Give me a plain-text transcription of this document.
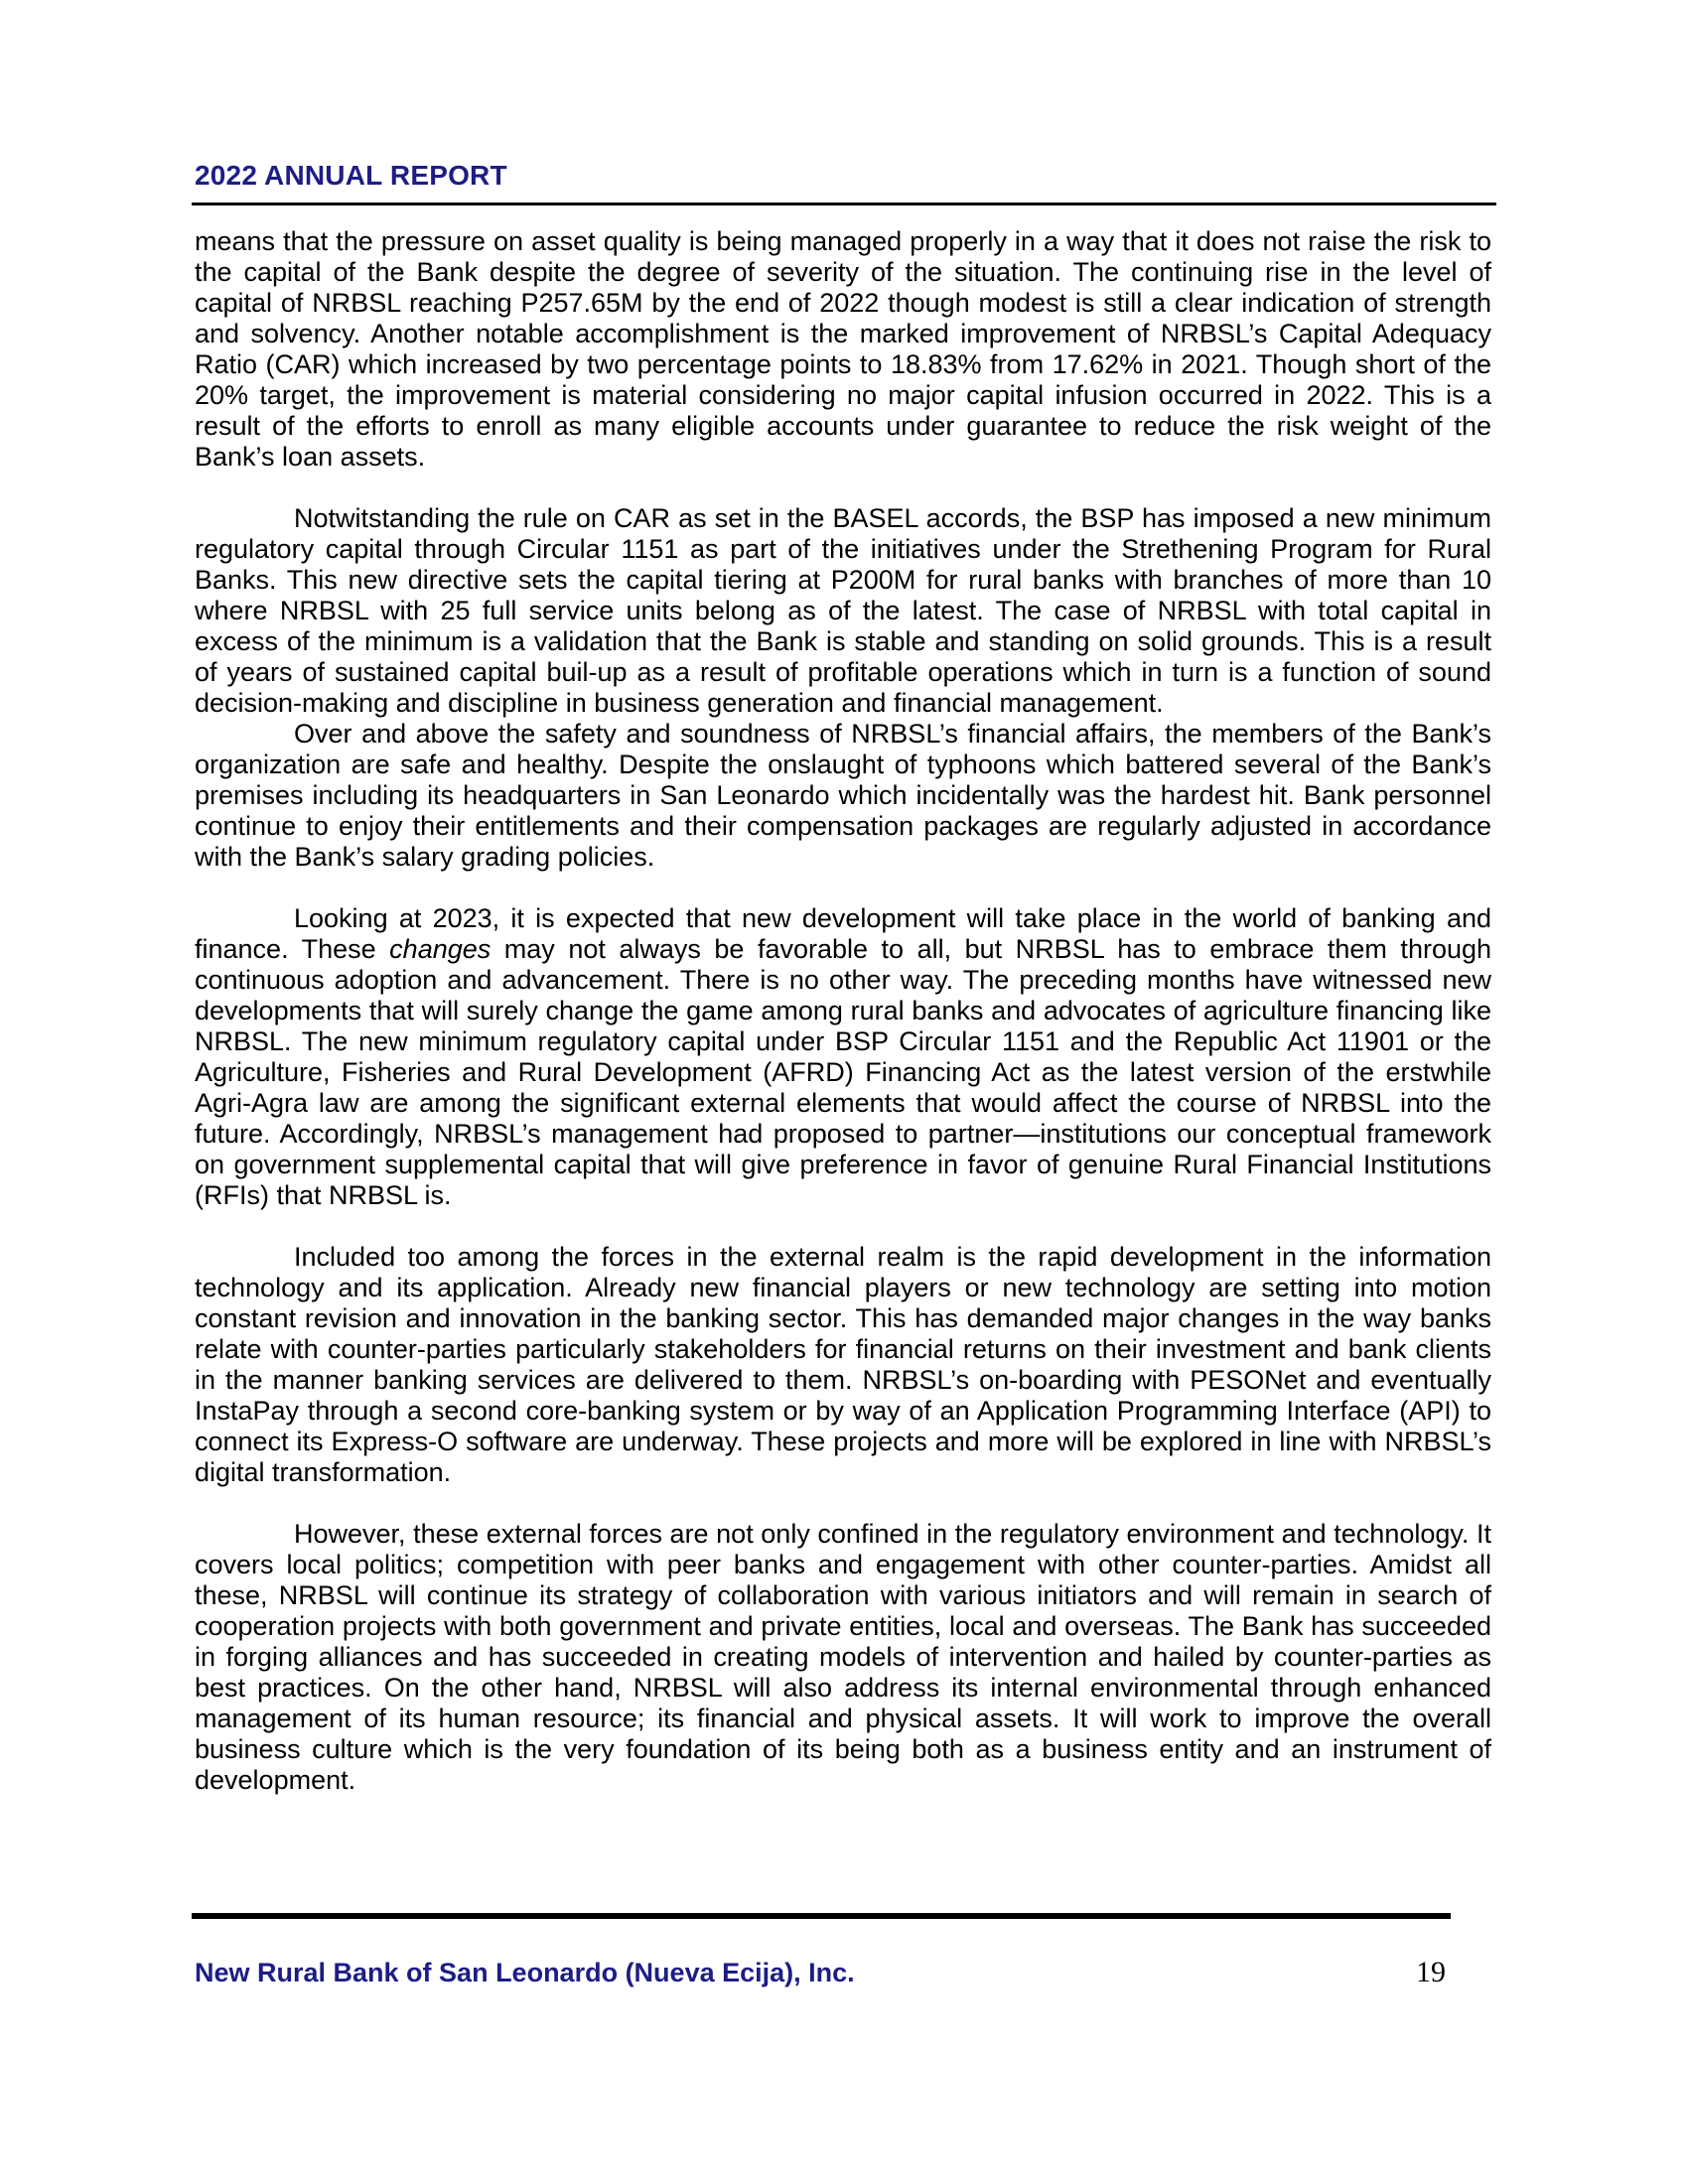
2022 ANNUAL REPORT

means that the pressure on asset quality is being managed properly in a way that it does not raise the risk to the capital of the Bank despite the degree of severity of the situation. The continuing rise in the level of capital of NRBSL reaching P257.65M by the end of 2022 though modest is still a clear indication of strength and solvency. Another notable accomplishment is the marked improvement of NRBSL’s Capital Adequacy Ratio (CAR) which increased by two percentage points to 18.83% from 17.62% in 2021. Though short of the 20% target, the improvement is material considering no major capital infusion occurred in 2022. This is a result of the efforts to enroll as many eligible accounts under guarantee to reduce the risk weight of the Bank’s loan assets.

Notwitstanding the rule on CAR as set in the BASEL accords, the BSP has imposed a new minimum regulatory capital through Circular 1151 as part of the initiatives under the Strethening Program for Rural Banks. This new directive sets the capital tiering at P200M for rural banks with branches of more than 10 where NRBSL with 25 full service units belong as of the latest. The case of NRBSL with total capital in excess of the minimum is a validation that the Bank is stable and standing on solid grounds. This is a result of years of sustained capital buil-up as a result of profitable operations which in turn is a function of sound decision-making and discipline in business generation and financial management.

Over and above the safety and soundness of NRBSL’s financial affairs, the members of the Bank’s organization are safe and healthy. Despite the onslaught of typhoons which battered several of the Bank’s premises including its headquarters in San Leonardo which incidentally was the hardest hit. Bank personnel continue to enjoy their entitlements and their compensation packages are regularly adjusted in accordance with the Bank’s salary grading policies.

Looking at 2023, it is expected that new development will take place in the world of banking and finance. These changes may not always be favorable to all, but NRBSL has to embrace them through continuous adoption and advancement. There is no other way. The preceding months have witnessed new developments that will surely change the game among rural banks and advocates of agriculture financing like NRBSL. The new minimum regulatory capital under BSP Circular 1151 and the Republic Act 11901 or the Agriculture, Fisheries and Rural Development (AFRD) Financing Act as the latest version of the erstwhile Agri-Agra law are among the significant external elements that would affect the course of NRBSL into the future. Accordingly, NRBSL’s management had proposed to partner—institutions our conceptual framework on government supplemental capital that will give preference in favor of genuine Rural Financial Institutions (RFIs) that NRBSL is.

Included too among the forces in the external realm is the rapid development in the information technology and its application. Already new financial players or new technology are setting into motion constant revision and innovation in the banking sector. This has demanded major changes in the way banks relate with counter-parties particularly stakeholders for financial returns on their investment and bank clients in the manner banking services are delivered to them. NRBSL’s on-boarding with PESONet and eventually InstaPay through a second core-banking system or by way of an Application Programming Interface (API) to connect its Express-O software are underway. These projects and more will be explored in line with NRBSL’s digital transformation.

However, these external forces are not only confined in the regulatory environment and technology. It covers local politics; competition with peer banks and engagement with other counter-parties. Amidst all these, NRBSL will continue its strategy of collaboration with various initiators and will remain in search of cooperation projects with both government and private entities, local and overseas. The Bank has succeeded in forging alliances and has succeeded in creating models of intervention and hailed by counter-parties as best practices. On the other hand, NRBSL will also address its internal environmental through enhanced management of its human resource; its financial and physical assets. It will work to improve the overall business culture which is the very foundation of its being both as a business entity and an instrument of development.

New Rural Bank of San Leonardo (Nueva Ecija), Inc.	19
